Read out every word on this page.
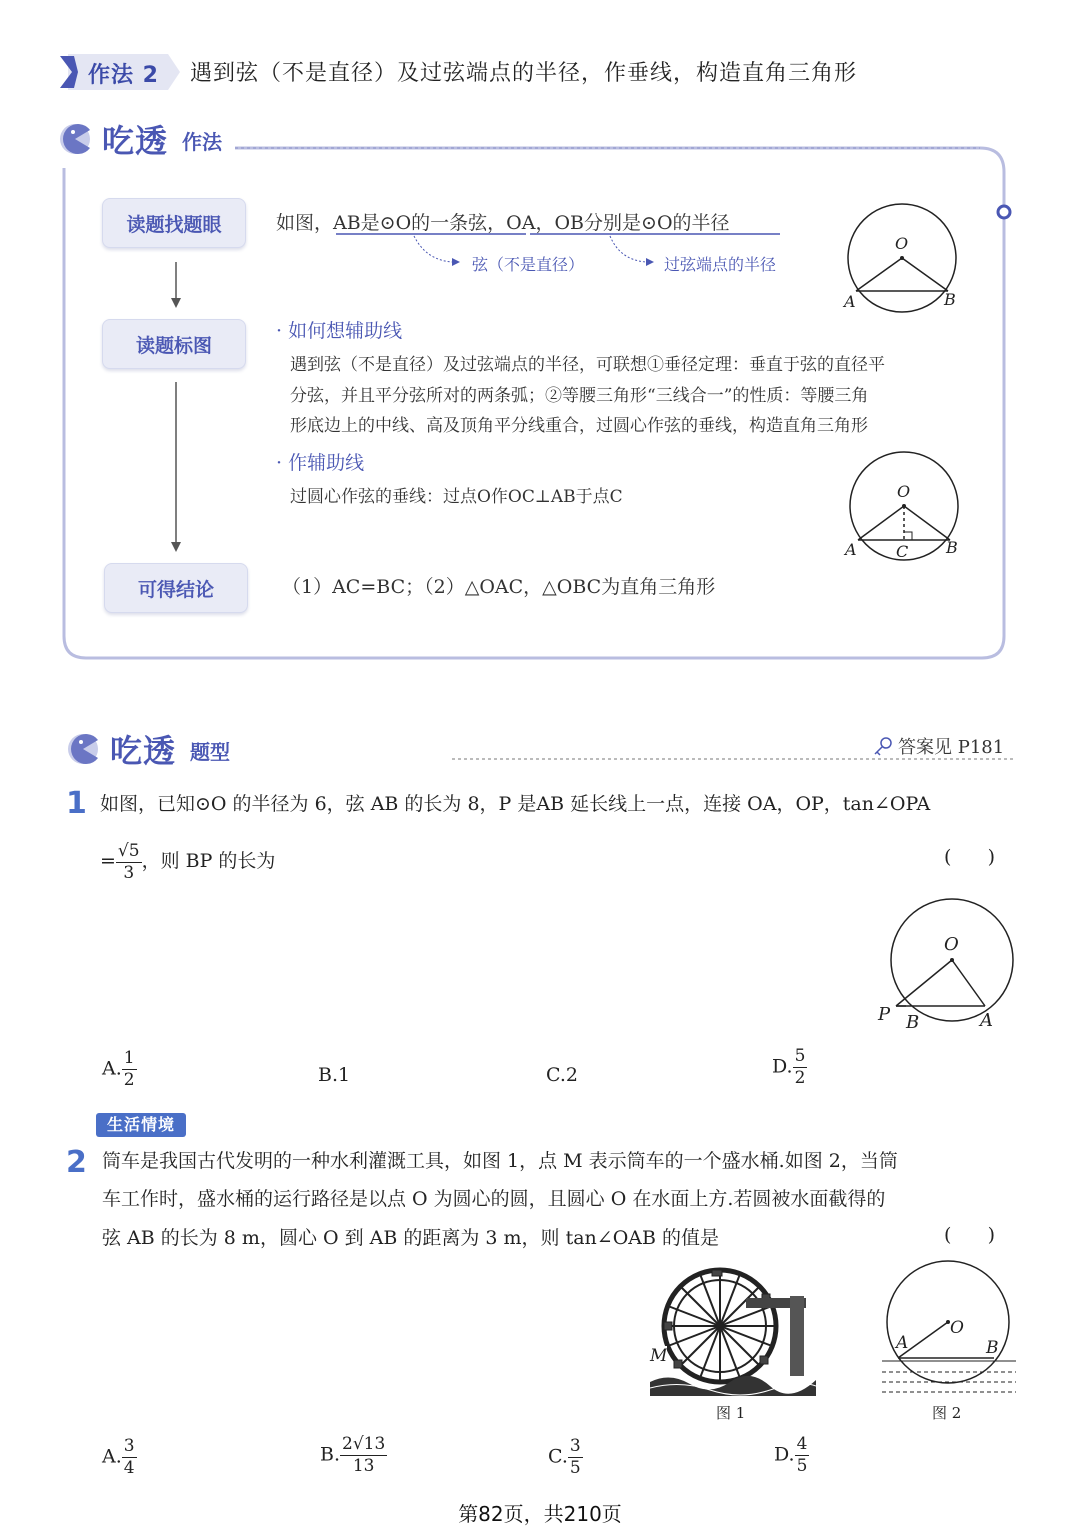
作法 2 遇到弦（不是直径）及过弦端点的半径，作垂线，构造直角三角形
吃透 作法
读题找题眼
读题标图
可得结论
如图，AB是⊙O的一条弦，OA，OB分别是⊙O的半径
弦（不是直径）	过弦端点的半径
O
A	B
· 如何想辅助线
遇到弦（不是直径）及过弦端点的半径，可联想①垂径定理：垂直于弦的直径平
分弦，并且平分弦所对的两条弧；②等腰三角形“三线合一”的性质：等腰三角
形底边上的中线、高及顶角平分线重合，过圆心作弦的垂线，构造直角三角形
· 作辅助线
过圆心作弦的垂线：过点O作OC⊥AB于点C	O
A C B
（1）AC=BC；（2）△OAC，△OBC为直角三角形
吃透 题型	答案见 P181
1 如图，已知⊙O 的半径为 6，弦 AB 的长为 8，P 是AB 延长线上一点，连接 OA，OP，tan∠OPA
= $\frac{√5}{3}$ ，则 BP 的长为	(      )
O
P B	A
A. $\frac{1}{2}$	B.1	C.2	D. $\frac{5}{2}$
生活情境
2 筒车是我国古代发明的一种水利灌溉工具，如图 1，点 M 表示筒车的一个盛水桶.如图 2，当筒
车工作时，盛水桶的运行路径是以点 O 为圆心的圆，且圆心 O 在水面上方.若圆被水面截得的
弦 AB 的长为 8 m，圆心 O 到 AB 的距离为 3 m，则 tan∠OAB 的值是	(      )
M
图 1
O
A	B
图 2
A. $\frac{3}{4}$	B. $\frac{2√13}{13}$	C. $\frac{3}{5}$	D. $\frac{4}{5}$
第82页，共210页
